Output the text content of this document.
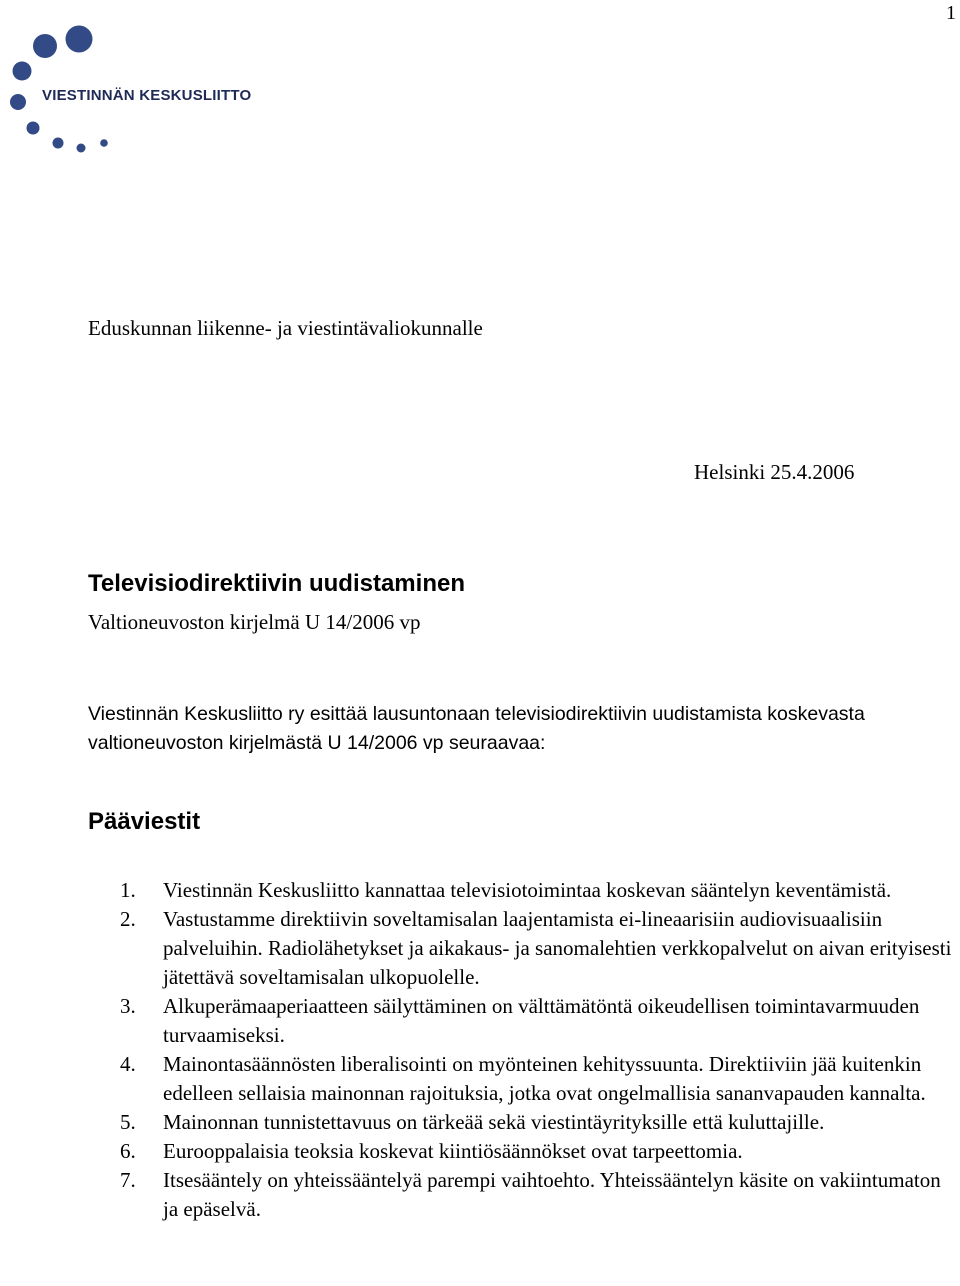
1
VIESTINNÄN KESKUSLIITTO
Eduskunnan liikenne- ja viestintävaliokunnalle
Helsinki 25.4.2006
Televisiodirektiivin uudistaminen
Valtioneuvoston kirjelmä U 14/2006 vp

Viestinnän Keskusliitto ry esittää lausuntonaan televisiodirektiivin uudistamista koskevasta valtioneuvoston kirjelmästä U 14/2006 vp seuraavaa:

Pääviestit
1. Viestinnän Keskusliitto kannattaa televisiotoimintaa koskevan sääntelyn keventämistä.
2. Vastustamme direktiivin soveltamisalan laajentamista ei-lineaarisiin audiovisuaalisiin palveluihin. Radiolähetykset ja aikakaus- ja sanomalehtien verkkopalvelut on aivan erityisesti jätettävä soveltamisalan ulkopuolelle.
3. Alkuperämaaperiaatteen säilyttäminen on välttämätöntä oikeudellisen toimintavarmuuden turvaamiseksi.
4. Mainontasäännösten liberalisointi on myönteinen kehityssuunta. Direktiiviin jää kuitenkin edelleen sellaisia mainonnan rajoituksia, jotka ovat ongelmallisia sananvapauden kannalta.
5. Mainonnan tunnistettavuus on tärkeää sekä viestintäyrityksille että kuluttajille.
6. Eurooppalaisia teoksia koskevat kiintiösäännökset ovat tarpeettomia.
7. Itsesääntely on yhteissääntelyä parempi vaihtoehto. Yhteissääntelyn käsite on vakiintumaton ja epäselvä.
